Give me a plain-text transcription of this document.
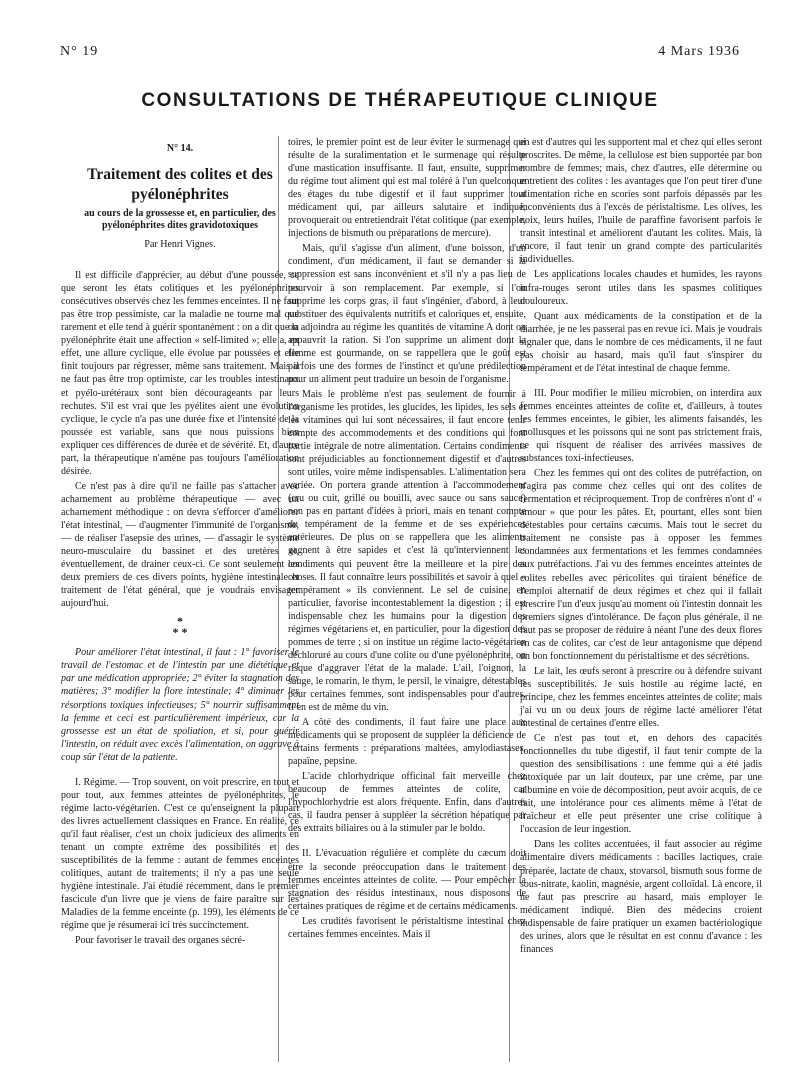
N° 19	4 Mars 1936
CONSULTATIONS DE THÉRAPEUTIQUE CLINIQUE

N° 14.

Traitement des colites et des pyélonéphrites

au cours de la grossesse et, en particulier, des pyélonéphrites dites gravidotoxiques

Par Henri Vignes.

Il est difficile d'apprécier, au début d'une poussée, ce que seront les états colitiques et les pyélonéphrites consécutives observés chez les femmes enceintes. Il ne faut pas être trop pessimiste, car la maladie ne tourne mal que rarement et elle tend à guérir spontanément : on a dit que la pyélonéphrite était une affection « self-limited »; elle a, en effet, une allure cyclique, elle évolue par poussées et elle finit toujours par régresser, même sans traitement. Mais il ne faut pas être trop optimiste, car les troubles intestinaux et pyélo-urétéraux sont bien décourageants par leurs rechutes. S'il est vrai que les pyélites aient une évolution cyclique, le cycle n'a pas une durée fixe et l'intensité de la poussée est variable, sans que nous puissions bien expliquer ces différences de durée et de sévérité. Et, d'autre part, la thérapeutique n'amène pas toujours l'amélioration désirée.

Ce n'est pas à dire qu'il ne faille pas s'attacher avec acharnement au problème thérapeutique — avec un acharnement méthodique : on devra s'efforcer d'améliorer l'état intestinal, — d'augmenter l'immunité de l'organisme, — de réaliser l'asepsie des urines, — d'assagir le système neuro-musculaire du bassinet et des uretères et, éventuellement, de drainer ceux-ci. Ce sont seulement les deux premiers de ces divers points, hygiène intestinale et traitement de l'état général, que je voudrais envisager aujourd'hui.

*
* *

Pour améliorer l'état intestinal, il faut : 1° favoriser le travail de l'estomac et de l'intestin par une diététique et par une médication appropriée; 2° éviter la stagnation des matières; 3° modifier la flore intestinale; 4° diminuer les résorptions toxiques infectieuses; 5° nourrir suffisamment la femme et ceci est particulièrement impérieux, car la grossesse est un état de spoliation, et si, pour guérir l'intestin, on réduit avec excès l'alimentation, on aggrave à coup sûr l'état de la patiente.

I. Régime. — Trop souvent, on voit prescrire, en tout et pour tout, aux femmes atteintes de pyélonéphrites, le régime lacto-végétarien. C'est ce qu'enseignent la plupart des livres actuellement classiques en France. En réalité, ce qu'il faut réaliser, c'est un choix judicieux des aliments en tenant un compte extrême des possibilités et des susceptibilités de la femme : autant de femmes enceintes colitiques, autant de traitements; il n'y a pas une seule hygiène intestinale. J'ai étudié récemment, dans le premier fascicule d'un livre que je viens de faire paraître sur les Maladies de la femme enceinte (p. 199), les éléments de ce régime que je résumerai ici très succinctement.

Pour favoriser le travail des organes sécré-

toires, le premier point est de leur éviter le surmenage qui résulte de la suralimentation et le surmenage qui résulte d'une mastication insuffisante. Il faut, ensuite, supprimer du régime tout aliment qui est mal toléré à l'un quelconque des étages du tube digestif et il faut supprimer tout médicament qui, par ailleurs salutaire et indiqué, provoquerait ou entretiendrait l'état colitique (par exemple, injections de bismuth ou préparations de mercure).

Mais, qu'il s'agisse d'un aliment, d'une boisson, d'un condiment, d'un médicament, il faut se demander si la suppression est sans inconvénient et s'il n'y a pas lieu de pourvoir à son remplacement. Par exemple, si l'on supprime les corps gras, il faut s'ingénier, d'abord, à leur substituer des équivalents nutritifs et caloriques et, ensuite, on adjoindra au régime les quantités de vitamine A dont on appauvrit la ration. Si l'on supprime un aliment dont la femme est gourmande, on se rappellera que le goût est parfois une des formes de l'instinct et qu'une prédilection pour un aliment peut traduire un besoin de l'organisme.

Mais le problème n'est pas seulement de fournir à l'organisme les protides, les glucides, les lipides, les sels et les vitamines qui lui sont nécessaires, il faut encore tenir compte des accommodements et des conditions qui font partie intégrale de notre alimentation. Certains condiments sont préjudiciables au fonctionnement digestif et d'autres sont utiles, voire même indispensables. L'alimentation sera variée. On portera grande attention à l'accommodement (cru ou cuit, grillé ou bouilli, avec sauce ou sans sauce) non pas en partant d'idées à priori, mais en tenant compte du tempérament de la femme et de ses expériences antérieures. De plus on se rappellera que les aliments gagnent à être sapides et c'est là qu'interviennent les condiments qui peuvent être la meilleure et la pire des choses. Il faut connaître leurs possibilités et savoir à quel « tempérament » ils conviennent. Le sel de cuisine, en particulier, favorise incontestablement la digestion ; il est indispensable chez les humains pour la digestion des régimes végétariens et, en particulier, pour la digestion des pommes de terre ; si on institue un régime lacto-végétarien déchloruré au cours d'une colite ou d'une pyélonéphrite, on risque d'aggraver l'état de la malade. L'ail, l'oignon, la sauge, le romarin, le thym, le persil, le vinaigre, détestables pour certaines femmes, sont indispensables pour d'autres. Il en est de même du vin.

A côté des condiments, il faut faire une place aux médicaments qui se proposent de suppléer la déficience de certains ferments : préparations maltées, amylodiastases, papaïne, pepsine.

L'acide chlorhydrique officinal fait merveille chez beaucoup de femmes atteintes de colite, car l'hypochlorhydrie est alors fréquente. Enfin, dans d'autres cas, il faudra penser à suppléer la sécrétion hépatique par des extraits biliaires ou à la stimuler par le boldo.

II. L'évacuation régulière et complète du cæcum doit être la seconde préoccupation dans le traitement des femmes enceintes atteintes de colite. — Pour empêcher la stagnation des résidus intestinaux, nous disposons de certaines pratiques de régime et de certains médicaments.

Les crudités favorisent le péristaltisme intestinal chez certaines femmes enceintes. Mais il

en est d'autres qui les supportent mal et chez qui elles seront proscrites. De même, la cellulose est bien supportée par bon nombre de femmes; mais, chez d'autres, elle détermine ou entretient des colites : les avantages que l'on peut tirer d'une alimentation riche en scories sont parfois dépassés par les inconvénients dus à l'excès de péristaltisme. Les olives, les noix, leurs huiles, l'huile de paraffine favorisent parfois le transit intestinal et améliorent d'autant les colites. Mais, là encore, il faut tenir un grand compte des particularités individuelles.

Les applications locales chaudes et humides, les rayons infra-rouges seront utiles dans les spasmes colitiques douloureux.

Quant aux médicaments de la constipation et de la diarrhée, je ne les passerai pas en revue ici. Mais je voudrais signaler que, dans le nombre de ces médicaments, il ne faut pas choisir au hasard, mais qu'il faut s'inspirer du tempérament et de l'état intestinal de chaque femme.

III. Pour modifier le milieu microbien, on interdira aux femmes enceintes atteintes de colite et, d'ailleurs, à toutes les femmes enceintes, le gibier, les aliments faisandés, les mollusques et les poissons qui ne sont pas strictement frais, ce qui risquent de réaliser des arrivées massives de substances toxi-infectieuses.

Chez les femmes qui ont des colites de putréfaction, on n'agira pas comme chez celles qui ont des colites de fermentation et réciproquement. Trop de confrères n'ont d' « amour » que pour les pâtes. Et, pourtant, elles sont bien détestables pour certains cæcums. Mais tout le secret du traitement ne consiste pas à opposer les femmes condamnées aux fermentations et les femmes condamnées aux putréfactions. J'ai vu des femmes enceintes atteintes de colites rebelles avec péricolites qui tiraient bénéfice de l'emploi alternatif de deux régimes et chez qui il fallait prescrire l'un d'eux jusqu'au moment où l'intestin donnait les premiers signes d'intolérance. De façon plus générale, il ne faut pas se proposer de réduire à néant l'une des deux flores en cas de colites, car c'est de leur antagonisme que dépend un bon fonctionnement du péristaltisme et des sécrétions.

Le lait, les œufs seront à prescrire ou à défendre suivant les susceptibilités. Je suis hostile au régime lacté, en principe, chez les femmes enceintes atteintes de colite; mais j'ai vu un ou deux jours de régime lacté améliorer l'état intestinal de certaines d'entre elles.

Ce n'est pas tout et, en dehors des capacités fonctionnelles du tube digestif, il faut tenir compte de la question des sensibilisations : une femme qui a été jadis intoxiquée par un lait douteux, par une crème, par une albumine en voie de décomposition, peut avoir acquis, de ce fait, une intolérance pour ces aliments même à l'état de fraîcheur et elle peut présenter une crise colitique à l'occasion de leur ingestion.

Dans les colites accentuées, il faut associer au régime alimentaire divers médicaments : bacilles lactiques, craie préparée, lactate de chaux, stovarsol, bismuth sous forme de sous-nitrate, kaolin, magnésie, argent colloïdal. Là encore, il ne faut pas prescrire au hasard, mais employer le médicament indiqué. Bien des médecins croient indispensable de faire pratiquer un examen bactériologique des urines, alors que le résultat en est connu d'avance : les finances
